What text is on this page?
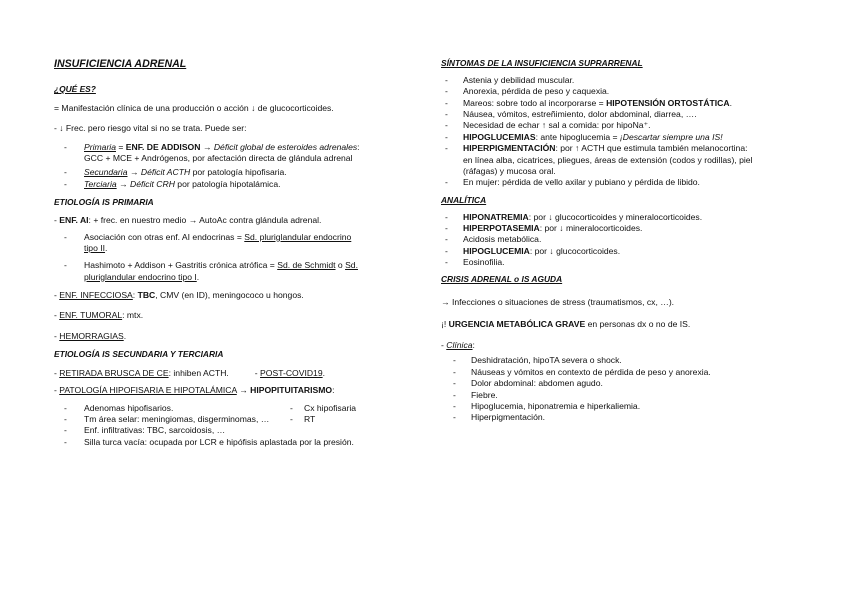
INSUFICIENCIA ADRENAL
¿QUÉ ES?
= Manifestación clínica de una producción o acción ↓ de glucocorticoides.
- ↓ Frec. pero riesgo vital si no se trata. Puede ser:
- Primaria = ENF. DE ADDISON → Déficit global de esteroides adrenales:
GCC + MCE + Andrógenos, por afectación directa de glándula adrenal
- Secundaria → Déficit ACTH por patología hipofisaria.
- Terciaria → Déficit CRH por patología hipotalámica.
ETIOLOGÍA IS PRIMARIA
- ENF. AI: + frec. en nuestro medio → AutoAc contra glándula adrenal.
- Asociación con otras enf. AI endocrinas = Sd. pluriglandular endocrino
tipo II.
- Hashimoto + Addison + Gastritis crónica atrófica = Sd. de Schmidt o Sd.
pluriglandular endocrino tipo I.
- ENF. INFECCIOSA: TBC, CMV (en ID), meningococo u hongos.
- ENF. TUMORAL: mtx.
- HEMORRAGIAS.
ETIOLOGÍA IS SECUNDARIA Y TERCIARIA
- RETIRADA BRUSCA DE CE: inhiben ACTH.	- POST-COVID19.
- PATOLOGÍA HIPOFISARIA E HIPOTALÁMICA → HIPOPITUITARISMO:
- Adenomas hipofisarios.	- Cx hipofisaria
- Tm área selar: meningiomas, disgerminomas, …	- RT
- Enf. infiltrativas: TBC, sarcoidosis, …
- Silla turca vacía: ocupada por LCR e hipófisis aplastada por la presión.
SÍNTOMAS DE LA INSUFICIENCIA SUPRARRENAL
- Astenia y debilidad muscular.
- Anorexia, pérdida de peso y caquexia.
- Mareos: sobre todo al incorporarse = HIPOTENSIÓN ORTOSTÁTICA.
- Náusea, vómitos, estreñimiento, dolor abdominal, diarrea, ….
- Necesidad de echar ↑ sal a comida: por hipoNa⁺.
- HIPOGLUCEMIAS: ante hipoglucemia = ¡Descartar siempre una IS!
- HIPERPIGMENTACIÓN: por ↑ ACTH que estimula también melanocortina:
en línea alba, cicatrices, pliegues, áreas de extensión (codos y rodillas), piel
(ráfagas) y mucosa oral.
- En mujer: pérdida de vello axilar y pubiano y pérdida de libido.
ANALÍTICA
- HIPONATREMIA: por ↓ glucocorticoides y mineralocorticoides.
- HIPERPOTASEMIA: por ↓ mineralocorticoides.
- Acidosis metabólica.
- HIPOGLUCEMIA: por ↓ glucocorticoides.
- Eosinofilia.
CRISIS ADRENAL o IS AGUDA
→ Infecciones o situaciones de stress (traumatismos, cx, …).
¡! URGENCIA METABÓLICA GRAVE en personas dx o no de IS.
- Clínica:
- Deshidratación, hipoTA severa o shock.
- Náuseas y vómitos en contexto de pérdida de peso y anorexia.
- Dolor abdominal: abdomen agudo.
- Fiebre.
- Hipoglucemia, hiponatremia e hiperkaliemia.
- Hiperpigmentación.
